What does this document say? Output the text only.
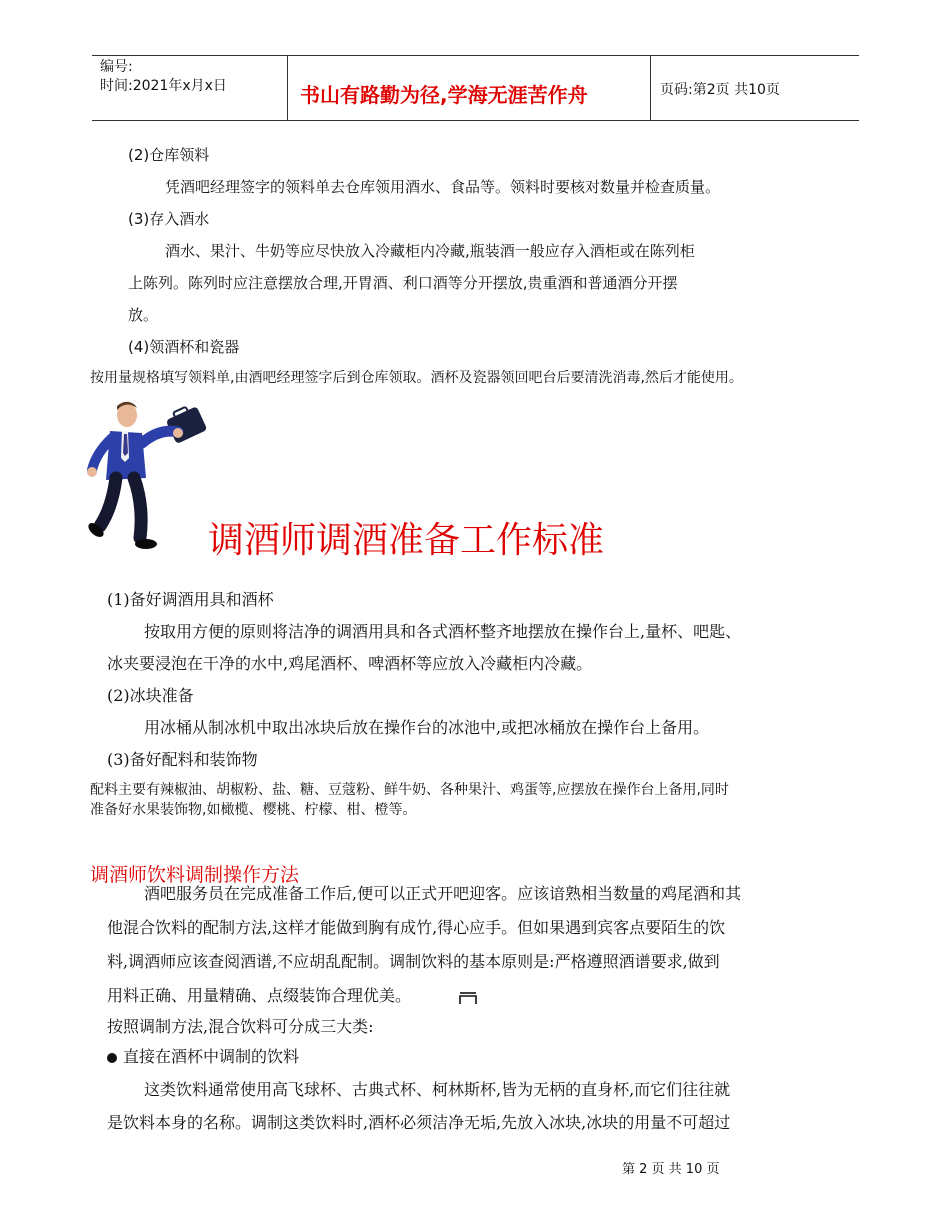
编号:
时间:2021年x月x日	书山有路勤为径,学海无涯苦作舟	页码:第2页 共10页
(2)仓库领料
凭酒吧经理签字的领料单去仓库领用酒水、食品等。领料时要核对数量并检查质量。
(3)存入酒水
酒水、果汁、牛奶等应尽快放入冷藏柜内冷藏,瓶装酒一般应存入酒柜或在陈列柜
上陈列。陈列时应注意摆放合理,开胃酒、利口酒等分开摆放,贵重酒和普通酒分开摆
放。
(4)领酒杯和瓷器
按用量规格填写领料单,由酒吧经理签字后到仓库领取。酒杯及瓷器领回吧台后要清洗消毒,然后才能使用。
调酒师调酒准备工作标准
(1)备好调酒用具和酒杯
按取用方便的原则将洁净的调酒用具和各式酒杯整齐地摆放在操作台上,量杯、吧匙、
冰夹要浸泡在干净的水中,鸡尾酒杯、啤酒杯等应放入冷藏柜内冷藏。
(2)冰块准备
用冰桶从制冰机中取出冰块后放在操作台的冰池中,或把冰桶放在操作台上备用。
(3)备好配料和装饰物
配料主要有辣椒油、胡椒粉、盐、糖、豆蔻粉、鲜牛奶、各种果汁、鸡蛋等,应摆放在操作台上备用,同时
准备好水果装饰物,如橄榄、樱桃、柠檬、柑、橙等。
调酒师饮料调制操作方法
酒吧服务员在完成准备工作后,便可以正式开吧迎客。应该谙熟相当数量的鸡尾酒和其
他混合饮料的配制方法,这样才能做到胸有成竹,得心应手。但如果遇到宾客点要陌生的饮
料,调酒师应该查阅酒谱,不应胡乱配制。调制饮料的基本原则是:严格遵照酒谱要求,做到
用料正确、用量精确、点缀装饰合理优美。
按照调制方法,混合饮料可分成三大类:
直接在酒杯中调制的饮料
这类饮料通常使用高飞球杯、古典式杯、柯林斯杯,皆为无柄的直身杯,而它们往往就
是饮料本身的名称。调制这类饮料时,酒杯必须洁净无垢,先放入冰块,冰块的用量不可超过
第 2 页 共 10 页
